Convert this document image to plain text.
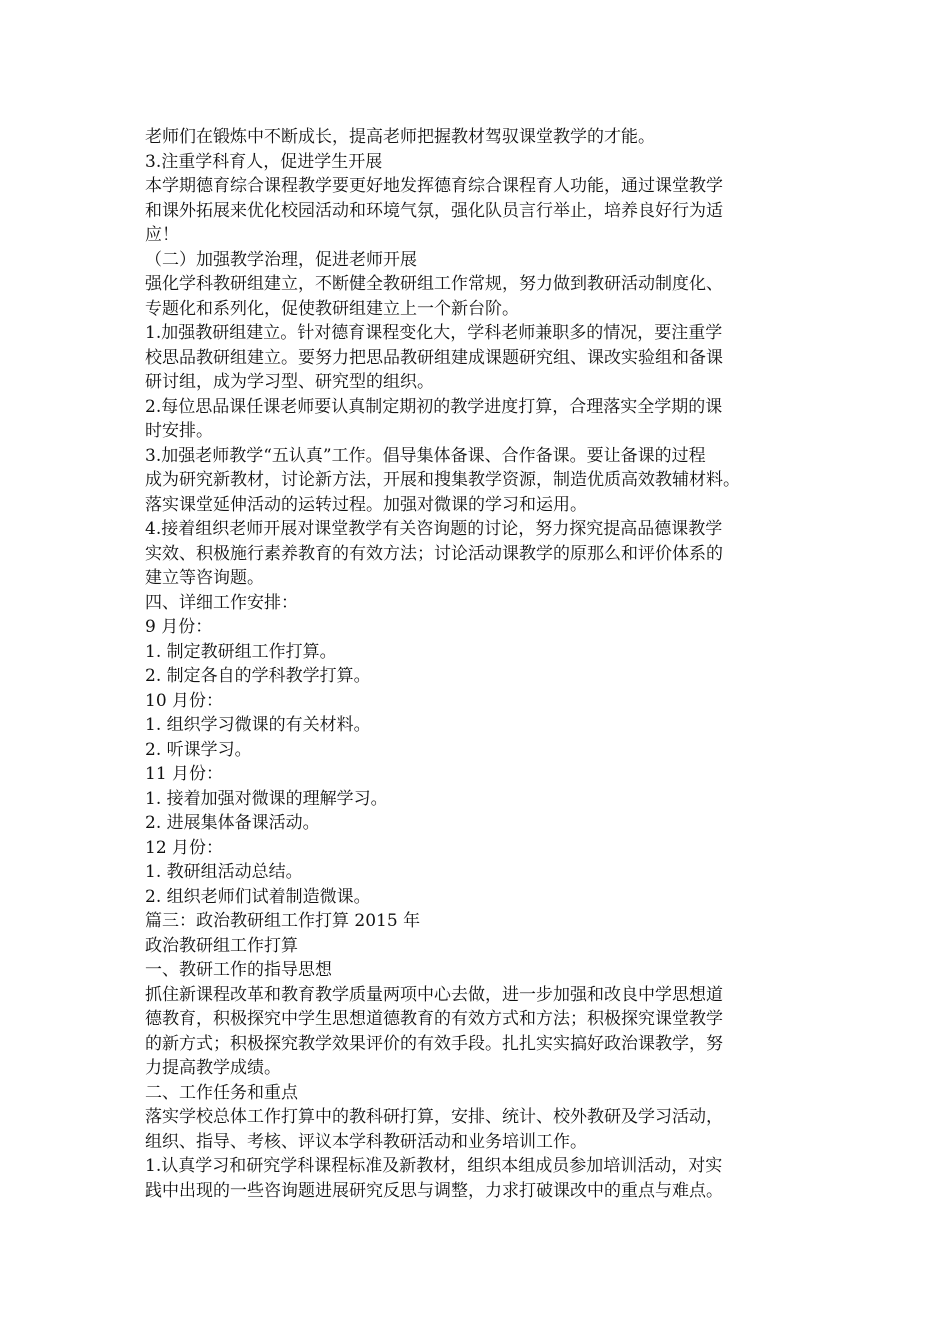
老师们在锻炼中不断成长，提高老师把握教材驾驭课堂教学的才能。

3.注重学科育人，促进学生开展

本学期德育综合课程教学要更好地发挥德育综合课程育人功能，通过课堂教学

和课外拓展来优化校园活动和环境气氛，强化队员言行举止，培养良好行为适

应！

（二）加强教学治理，促进老师开展

强化学科教研组建立，不断健全教研组工作常规，努力做到教研活动制度化、

专题化和系列化，促使教研组建立上一个新台阶。

1.加强教研组建立。针对德育课程变化大，学科老师兼职多的情况，要注重学

校思品教研组建立。要努力把思品教研组建成课题研究组、课改实验组和备课

研讨组，成为学习型、研究型的组织。

2.每位思品课任课老师要认真制定期初的教学进度打算，合理落实全学期的课

时安排。

3.加强老师教学“五认真”工作。倡导集体备课、合作备课。要让备课的过程

成为研究新教材，讨论新方法，开展和搜集教学资源，制造优质高效教辅材料。

落实课堂延伸活动的运转过程。加强对微课的学习和运用。

4.接着组织老师开展对课堂教学有关咨询题的讨论，努力探究提高品德课教学

实效、积极施行素养教育的有效方法；讨论活动课教学的原那么和评价体系的

建立等咨询题。

四、详细工作安排：

9 月份：

1. 制定教研组工作打算。

2. 制定各自的学科教学打算。

10 月份：

1. 组织学习微课的有关材料。

2. 听课学习。

11 月份：

1. 接着加强对微课的理解学习。

2. 进展集体备课活动。

12 月份：

1. 教研组活动总结。

2. 组织老师们试着制造微课。

篇三：政治教研组工作打算 2015 年

政治教研组工作打算

一、教研工作的指导思想

抓住新课程改革和教育教学质量两项中心去做，进一步加强和改良中学思想道

德教育，积极探究中学生思想道德教育的有效方式和方法；积极探究课堂教学

的新方式；积极探究教学效果评价的有效手段。扎扎实实搞好政治课教学，努

力提高教学成绩。

二、工作任务和重点

落实学校总体工作打算中的教科研打算，安排、统计、校外教研及学习活动，

组织、指导、考核、评议本学科教研活动和业务培训工作。

1.认真学习和研究学科课程标准及新教材，组织本组成员参加培训活动，对实

践中出现的一些咨询题进展研究反思与调整，力求打破课改中的重点与难点。
